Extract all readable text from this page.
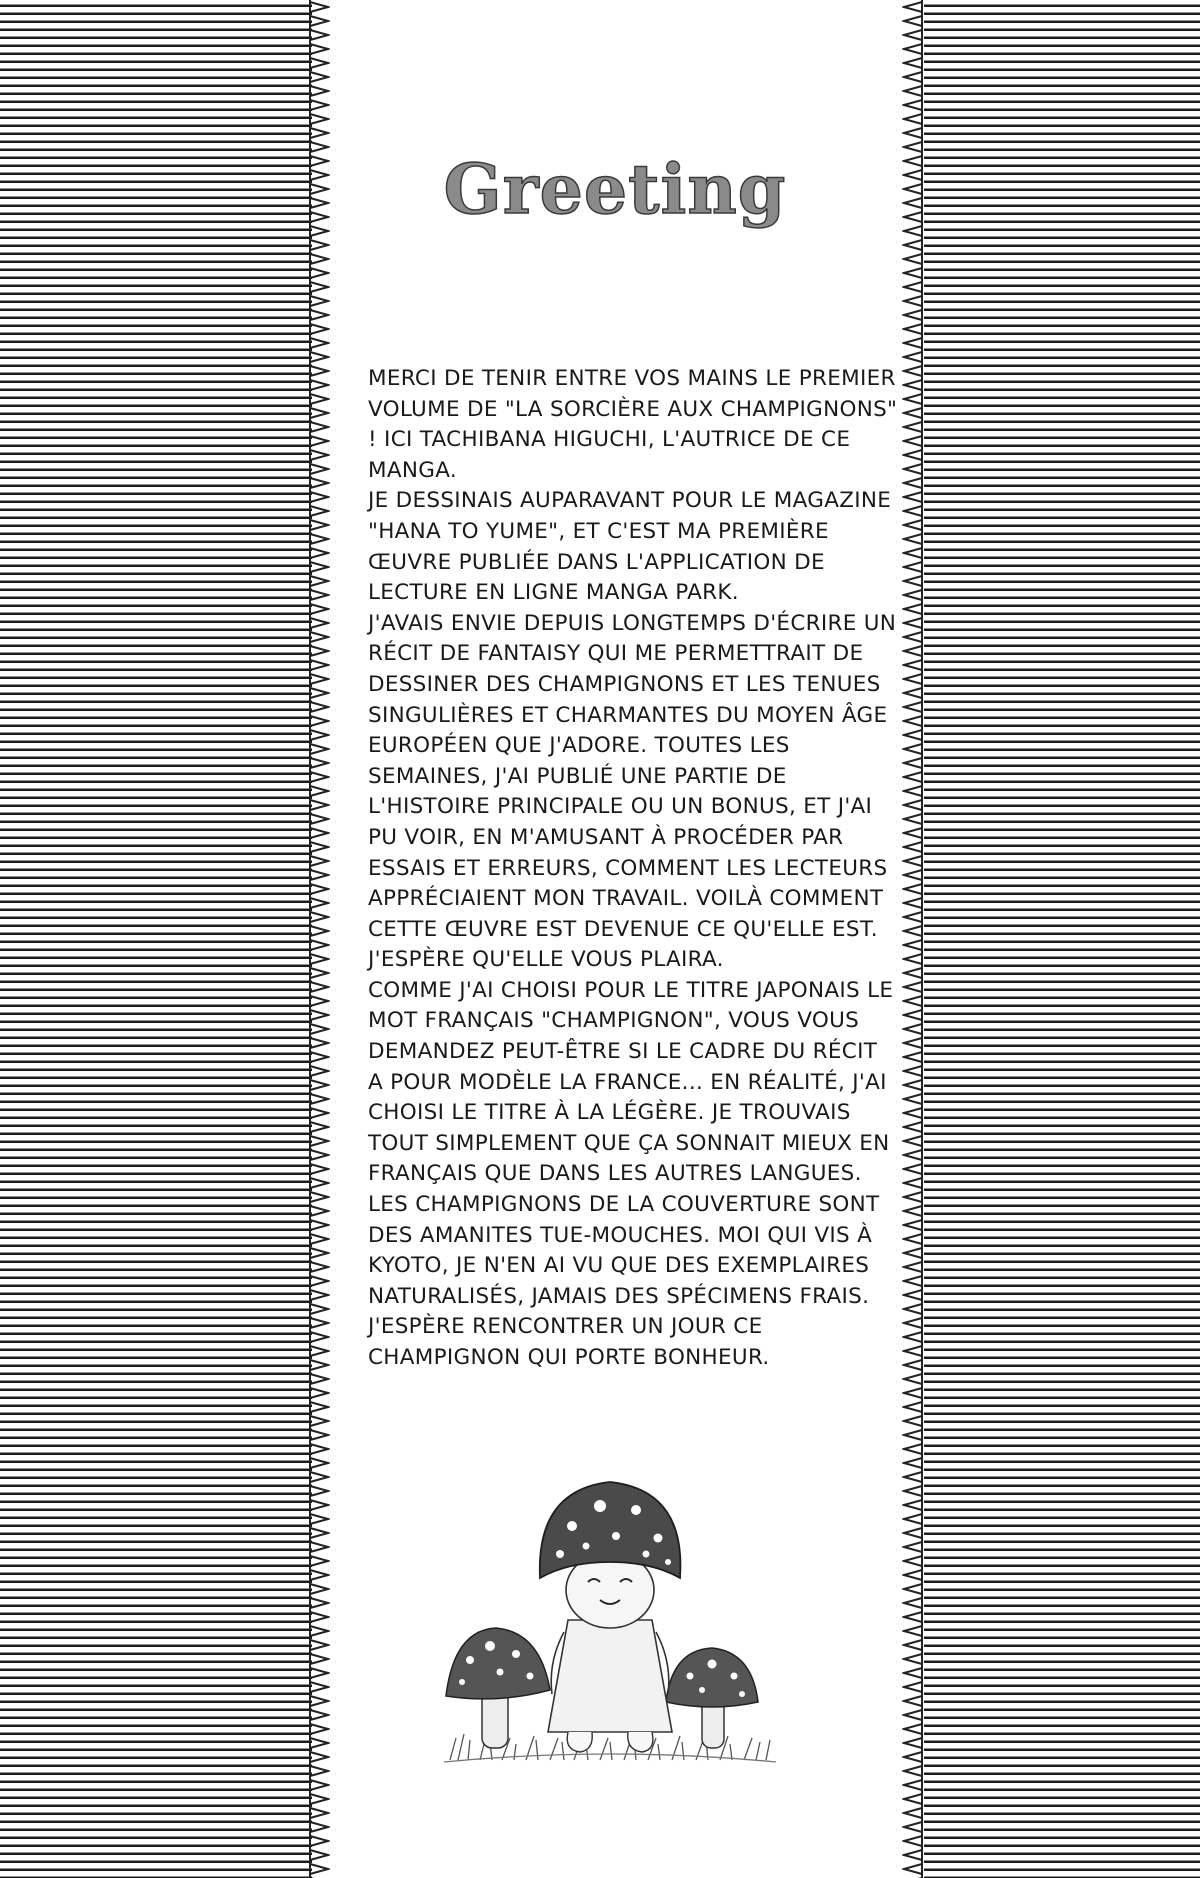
Greeting

MERCI DE TENIR ENTRE VOS MAINS LE PREMIER VOLUME DE "LA SORCIÈRE AUX CHAMPIGNONS" ! ICI TACHIBANA HIGUCHI, L'AUTRICE DE CE MANGA.

JE DESSINAIS AUPARAVANT POUR LE MAGAZINE "HANA TO YUME", ET C'EST MA PREMIÈRE ŒUVRE PUBLIÉE DANS L'APPLICATION DE LECTURE EN LIGNE MANGA PARK.

J'AVAIS ENVIE DEPUIS LONGTEMPS D'ÉCRIRE UN RÉCIT DE FANTAISY QUI ME PERMETTRAIT DE DESSINER DES CHAMPIGNONS ET LES TENUES SINGULIÈRES ET CHARMANTES DU MOYEN ÂGE EUROPÉEN QUE J'ADORE. TOUTES LES SEMAINES, J'AI PUBLIÉ UNE PARTIE DE L'HISTOIRE PRINCIPALE OU UN BONUS, ET J'AI PU VOIR, EN M'AMUSANT À PROCÉDER PAR ESSAIS ET ERREURS, COMMENT LES LECTEURS APPRÉCIAIENT MON TRAVAIL. VOILÀ COMMENT CETTE ŒUVRE EST DEVENUE CE QU'ELLE EST. J'ESPÈRE QU'ELLE VOUS PLAIRA.

COMME J'AI CHOISI POUR LE TITRE JAPONAIS LE MOT FRANÇAIS "CHAMPIGNON", VOUS VOUS DEMANDEZ PEUT-ÊTRE SI LE CADRE DU RÉCIT A POUR MODÈLE LA FRANCE... EN RÉALITÉ, J'AI CHOISI LE TITRE À LA LÉGÈRE. JE TROUVAIS TOUT SIMPLEMENT QUE ÇA SONNAIT MIEUX EN FRANÇAIS QUE DANS LES AUTRES LANGUES.

LES CHAMPIGNONS DE LA COUVERTURE SONT DES AMANITES TUE-MOUCHES. MOI QUI VIS À KYOTO, JE N'EN AI VU QUE DES EXEMPLAIRES NATURALISÉS, JAMAIS DES SPÉCIMENS FRAIS. J'ESPÈRE RENCONTRER UN JOUR CE CHAMPIGNON QUI PORTE BONHEUR.
